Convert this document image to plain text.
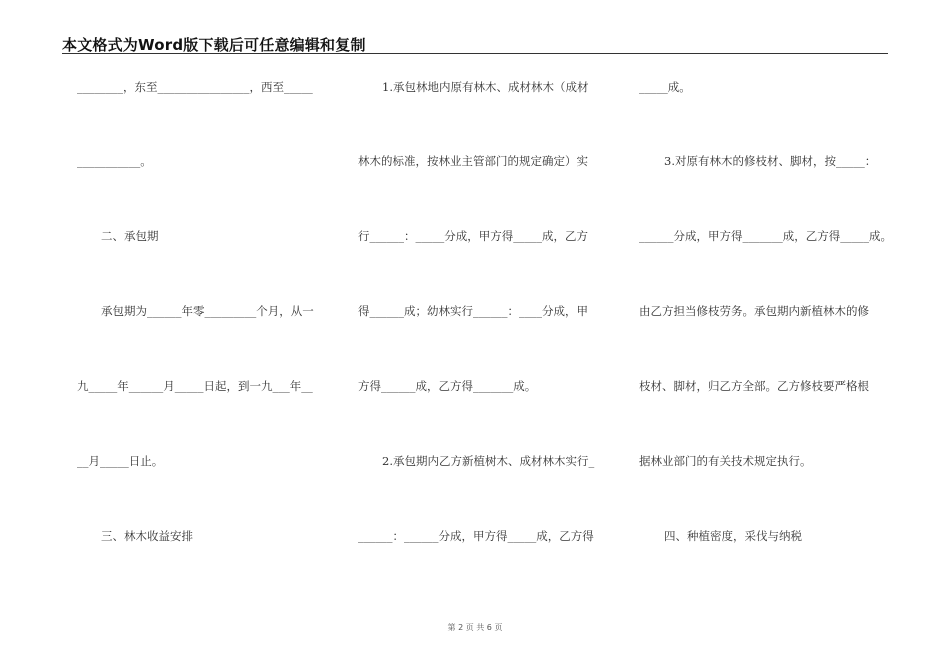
本文格式为Word版下载后可任意编辑和复制
________，东至________________，西至_____
___________。
二、承包期
承包期为______年零_________个月，从一
九_____年______月_____日起，到一九___年__
__月_____日止。
三、林木收益安排
1.承包林地内原有林木、成材林木（成材
林木的标准，按林业主管部门的规定确定）实
行______：_____分成，甲方得_____成，乙方
得______成；幼林实行______：____分成，甲
方得______成，乙方得_______成。
2.承包期内乙方新植树木、成材林木实行_
______：______分成，甲方得_____成，乙方得
_____成。
3.对原有林木的修枝材、脚材，按_____：
______分成，甲方得_______成，乙方得_____成。
由乙方担当修枝劳务。承包期内新植林木的修
枝材、脚材，归乙方全部。乙方修枝要严格根
据林业部门的有关技术规定执行。
四、种植密度，采伐与纳税
第 2 页 共 6 页
